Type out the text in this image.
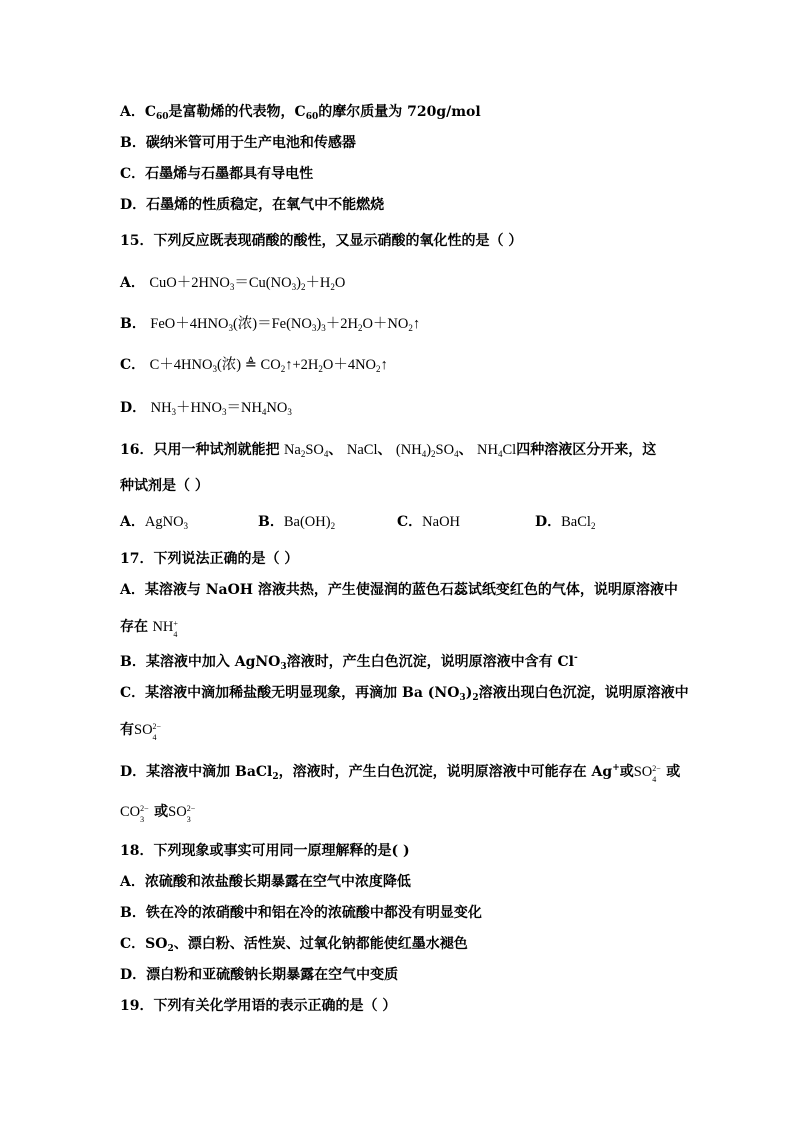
A．$C_{60}$是富勒烯的代表物，$C_{60}$的摩尔质量为 720g/mol
B．碳纳米管可用于生产电池和传感器
C．石墨烯与石墨都具有导电性
D．石墨烯的性质稳定，在氧气中不能燃烧
15．下列反应既表现硝酸的酸性，又显示硝酸的氧化性的是（ ）
A． $CuO+2HNO_3=Cu(NO_3)_2+H_2O$
B． $FeO+4HNO_3$(浓)$=Fe(NO_3)_3+2H_2O+NO_2↑$
C． $C+4HNO_3$(浓) ≜ $CO_2↑+2H_2O+4NO_2↑$
D． $NH_3+HNO_3=NH_4NO_3$
16．只用一种试剂就能把 $Na_2SO_4$、 NaCl、 $(NH_4)_2SO_4$、 $NH_4Cl$四种溶液区分开来，这
种试剂是（ ）
A．AgNO$_3$	B．$Ba(OH)_2$	C．NaOH	D．BaCl$_2$
17．下列说法正确的是（ ）
A．某溶液与 NaOH 溶液共热，产生使湿润的蓝色石蕊试纸变红色的气体，说明原溶液中
存在 NH +
4
B．某溶液中加入 AgNO$_3$溶液时，产生白色沉淀，说明原溶液中含有 Cl-
C．某溶液中滴加稀盐酸无明显现象，再滴加 Ba $(NO_3)_2$溶液出现白色沉淀，说明原溶液中
有SO 2−
4
D．某溶液中滴加 BaCl$_2$，溶液时，产生白色沉淀，说明原溶液中可能存在 Ag+或SO 2−
4 或
CO 2−
3 或SO 2−
3
18．下列现象或事实可用同一原理解释的是( )
A．浓硫酸和浓盐酸长期暴露在空气中浓度降低
B．铁在冷的浓硝酸中和铝在冷的浓硫酸中都没有明显变化
C．$SO_2$、漂白粉、活性炭、过氧化钠都能使红墨水褪色
D．漂白粉和亚硫酸钠长期暴露在空气中变质
19．下列有关化学用语的表示正确的是（ ）
